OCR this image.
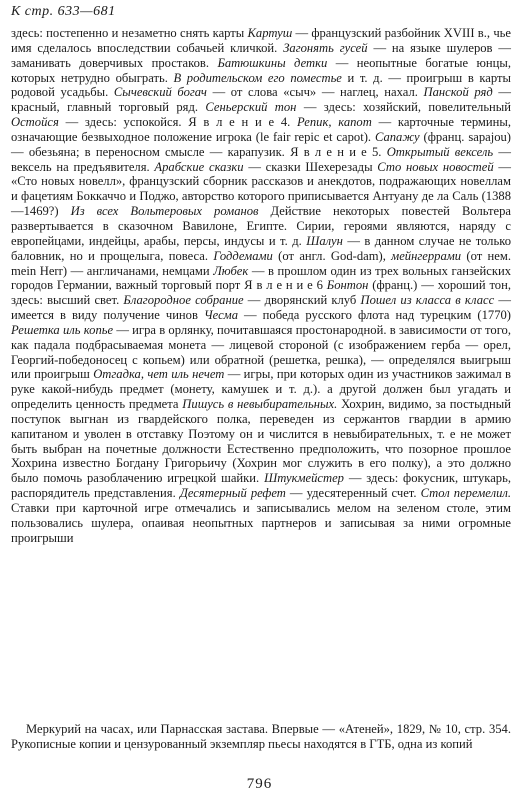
К стр. 633—681

здесь: постепенно и незаметно снять карты Картуш — французский разбойник XVIII в., чье имя сделалось впоследствии собачьей кличкой. Загонять гусей — на языке шулеров — заманивать доверчивых простаков. Батюшкины детки — неопытные богатые юнцы, которых нетрудно обыграть. В родительском его поместье и т. д. — проигрыш в карты родовой усадьбы. Сычевский богач — от слова «сыч» — наглец, нахал. Панской ряд — красный, главный торговый ряд. Сеньерский тон — здесь: хозяйский, повелительный Остойся — здесь: успокойся. Я в л е н и е 4. Репик, капот — карточные термины, означающие безвыходное положение игрока (le fair repic et capot). Сапажу (франц. sapajou) — обезьяна; в переносном смысле — карапузик. Я в л е н и е 5. Открытый вексель — вексель на предъявителя. Арабские сказки — сказки Шехерезады Сто новых новостей — «Сто новых новелл», французский сборник рассказов и анекдотов, подражающих новеллам и фацетиям Боккаччо и Поджо, авторство которого приписывается Антуану де ла Саль (1388—1469?) Из всех Вольтеровых романов Действие некоторых повестей Вольтера развертывается в сказочном Вавилоне, Египте. Сирии, героями являются, наряду с европейцами, индейцы, арабы, персы, индусы и т. д. Шалун — в данном случае не только баловник, но и прощелыга, повеса. Годдемами (от англ. God-dam), мейнгеррами (от нем. mein Herr) — англичанами, немцами Любек — в прошлом один из трех вольных ганзейских городов Германии, важный торговый порт Я в л е н и е 6 Бонтон (франц.) — хороший тон, здесь: высший свет. Благородное собрание — дворянский клуб Пошел из класса в класс — имеется в виду получение чинов Чесма — победа русского флота над турецким (1770) Решетка иль копье — игра в орлянку, почитавшаяся простонародной. в зависимости от того, как падала подбрасываемая монета — лицевой стороной (с изображением герба — орел, Георгий-победоносец с копьем) или обратной (решетка, решка), — определялся выигрыш или проигрыш Отгадка, чет иль нечет — игры, при которых один из участников зажимал в руке какой-нибудь предмет (монету, камушек и т. д.). а другой должен был угадать и определить ценность предмета Пишусь в невыбирательных. Хохрин, видимо, за постыдный поступок выгнан из гвардейского полка, переведен из сержантов гвардии в армию капитаном и уволен в отставку Поэтому он и числится в невыбирательных, т. е не может быть выбран на почетные должности Естественно предположить, что позорное прошлое Хохрина известно Богдану Григорьичу (Хохрин мог служить в его полку), а это должно было помочь разоблачению игрецкой шайки. Штукмейстер — здесь: фокусник, штукарь, распорядитель представления. Десятерный рефет — удесятеренный счет. Стол перемелил. Ставки при карточной игре отмечались и записывались мелом на зеленом столе, этим пользовались шулера, опаивая неопытных партнеров и записывая за ними огромные проигрыши

Меркурий на часах, или Парнасская застава. Впервые — «Атеней», 1829, № 10, стр. 354. Рукописные копии и цензурованный экземпляр пьесы находятся в ГТБ, одна из копий

796
